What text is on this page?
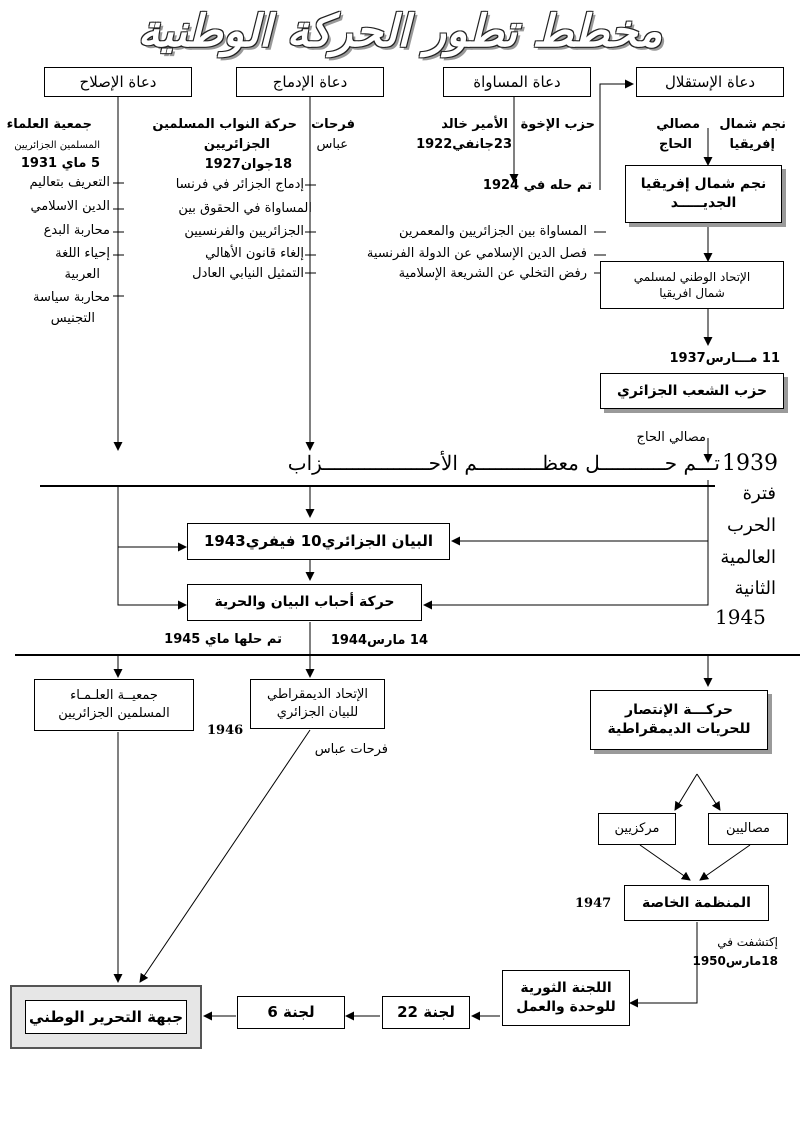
مخطط تطور الحركة الوطنية
دعاة الإصلاح	دعاة الإدماج	دعاة المساواة	دعاة الإستقلال
جمعية العلماء
المسلمين الجزائريين
5 ماي 1931
التعريف بتعاليم
الدين الاسلامي
محاربة البدع
إحياء اللغة
العربية
محاربة سياسة
التجنيس
حركة النواب المسلمين
الجزائريين
18جوان1927
فرحات
عباس
إدماج الجزائر في فرنسا
المساواة في الحقوق بين
الجزائريين والفرنسيين
إلغاء قانون الأهالي
التمثيل النيابي العادل
الأمير خالد حزب الإخوة
23جانفي1922
تم حله في 1924
المساواة بين الجزائريين والمعمرين
فصل الدين الإسلامي عن الدولة الفرنسية
رفض التخلي عن الشريعة الإسلامية
نجم شمال
إفريقيا
مصالي
الحاج
نجم شمال إفريقيا
الجديـــــد
الإتحاد الوطني لمسلمي
شمال افريقيا
11 مـــارس1937
حزب الشعب الجزائري
مصالي الحاج
تـــم حـــــــــــل معظـــــــــــم الأحــــــــــــــــــزاب 1939
فترة
الحرب
العالمية
الثانية
1945
البيان الجزائري10 فيفري1943
حركة أحباب البيان والحرية
تم حلها ماي 1945	14 مارس1944
جمعيــة العلـمـاء
المسلمين الجزائريين
الإتحاد الديمقراطي
للبيان الجزائري
1946
فرحات عباس
حركـــة الإنتصار
للحريات الديمقراطية
مركزيين	مصاليين
المنظمة الخاصة
1947
إكتشفت في
18مارس1950
اللجنة الثورية
للوحدة والعمل
لجنة 22
لجنة 6
جبهة التحرير الوطني
